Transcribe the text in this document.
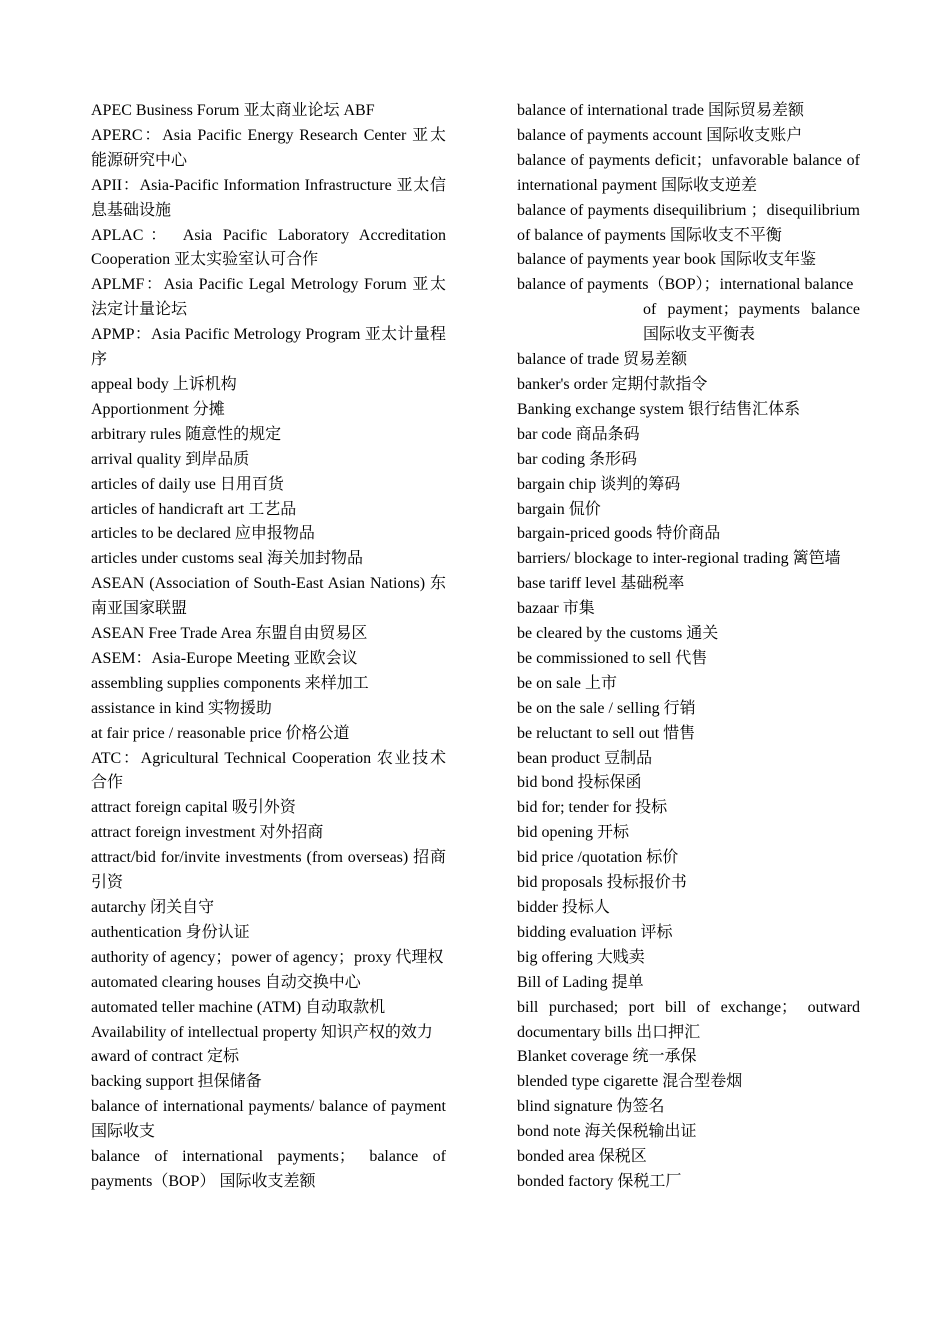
APEC Business Forum 亚太商业论坛 ABF

APERC：Asia Pacific Energy Research Center 亚太能源研究中心

APII：Asia-Pacific Information Infrastructure 亚太信息基础设施

APLAC： Asia Pacific Laboratory Accreditation Cooperation 亚太实验室认可合作

APLMF：Asia Pacific Legal Metrology Forum 亚太法定计量论坛

APMP：Asia Pacific Metrology Program 亚太计量程序

appeal body 上诉机构

Apportionment 分摊

arbitrary rules 随意性的规定

arrival quality 到岸品质

articles of daily use 日用百货

articles of handicraft art 工艺品

articles to be declared 应申报物品

articles under customs seal 海关加封物品

ASEAN (Association of South-East Asian Nations) 东南亚国家联盟

ASEAN Free Trade Area 东盟自由贸易区

ASEM：Asia-Europe Meeting 亚欧会议

assembling supplies components 来样加工

assistance in kind 实物援助

at fair price / reasonable price 价格公道

ATC：Agricultural Technical Cooperation 农业技术合作

attract foreign capital 吸引外资

attract foreign investment 对外招商

attract/bid for/invite investments (from overseas) 招商引资

autarchy 闭关自守

authentication 身份认证

authority of agency；power of agency；proxy 代理权

automated clearing houses 自动交换中心

automated teller machine (ATM) 自动取款机

Availability of intellectual property 知识产权的效力

award of contract 定标

backing support 担保储备

balance of international payments/ balance of payment 国际收支

balance of international payments； balance of payments（BOP） 国际收支差额

balance of international trade 国际贸易差额

balance of payments account 国际收支账户

balance of payments deficit；unfavorable balance of international payment 国际收支逆差

balance of payments disequilibrium ；disequilibrium of balance of payments 国际收支不平衡

balance of payments year book 国际收支年鉴

balance of payments（BOP）；international balance

of payment；payments balance 国际收支平衡表

balance of trade 贸易差额

banker's order 定期付款指令

Banking exchange system 银行结售汇体系

bar code 商品条码

bar coding 条形码

bargain chip 谈判的筹码

bargain 侃价

bargain-priced goods 特价商品

barriers/ blockage to inter-regional trading 篱笆墙

base tariff level 基础税率

bazaar 市集

be cleared by the customs 通关

be commissioned to sell 代售

be on sale 上市

be on the sale / selling 行销

be reluctant to sell out 惜售

bean product 豆制品

bid bond 投标保函

bid for; tender for 投标

bid opening 开标

bid price /quotation 标价

bid proposals 投标报价书

bidder 投标人

bidding evaluation 评标

big offering 大贱卖

Bill of Lading 提单

bill purchased; port bill of exchange； outward documentary bills 出口押汇

Blanket coverage 统一承保

blended type cigarette 混合型卷烟

blind signature 伪签名

bond note 海关保税输出证

bonded area 保税区

bonded factory 保税工厂
